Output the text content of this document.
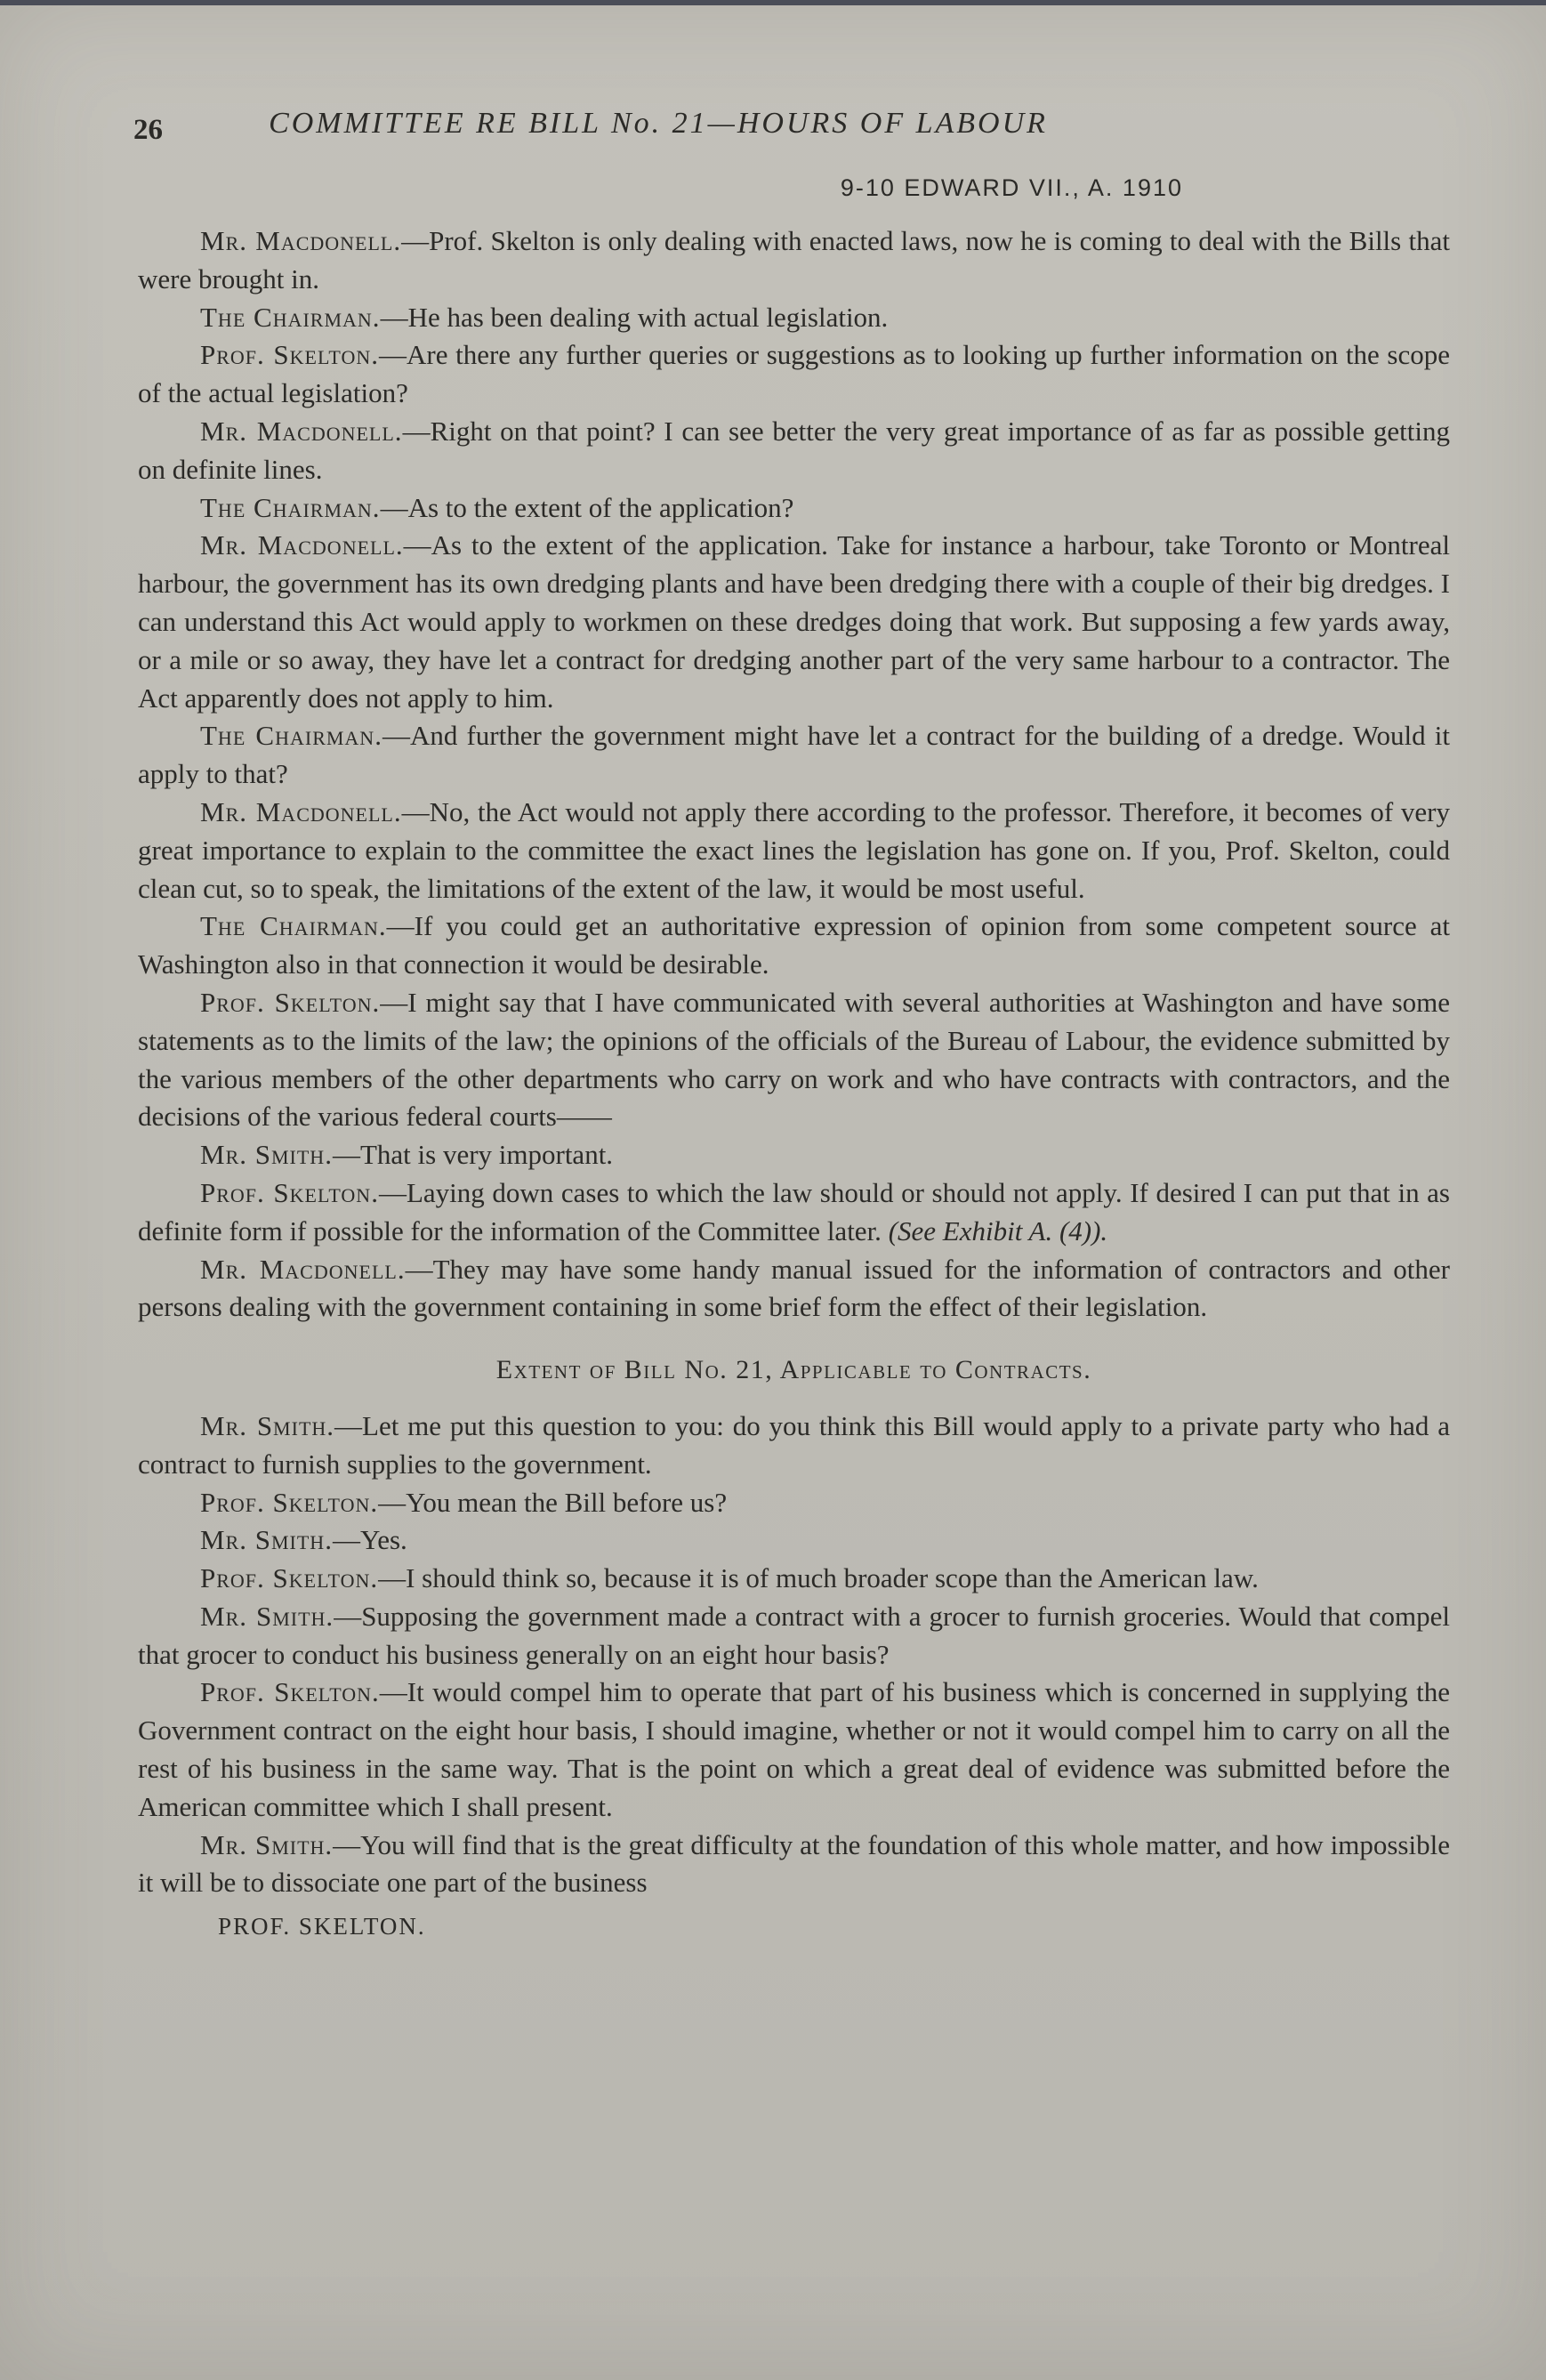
26	COMMITTEE RE BILL No. 21—HOURS OF LABOUR
9-10 EDWARD VII., A. 1910

Mr. Macdonell.—Prof. Skelton is only dealing with enacted laws, now he is coming to deal with the Bills that were brought in.

The Chairman.—He has been dealing with actual legislation.

Prof. Skelton.—Are there any further queries or suggestions as to looking up further information on the scope of the actual legislation?

Mr. Macdonell.—Right on that point? I can see better the very great importance of as far as possible getting on definite lines.

The Chairman.—As to the extent of the application?

Mr. Macdonell.—As to the extent of the application. Take for instance a harbour, take Toronto or Montreal harbour, the government has its own dredging plants and have been dredging there with a couple of their big dredges. I can understand this Act would apply to workmen on these dredges doing that work. But supposing a few yards away, or a mile or so away, they have let a contract for dredging another part of the very same harbour to a contractor. The Act apparently does not apply to him.

The Chairman.—And further the government might have let a contract for the building of a dredge. Would it apply to that?

Mr. Macdonell.—No, the Act would not apply there according to the professor. Therefore, it becomes of very great importance to explain to the committee the exact lines the legislation has gone on. If you, Prof. Skelton, could clean cut, so to speak, the limitations of the extent of the law, it would be most useful.

The Chairman.—If you could get an authoritative expression of opinion from some competent source at Washington also in that connection it would be desirable.

Prof. Skelton.—I might say that I have communicated with several authorities at Washington and have some statements as to the limits of the law; the opinions of the officials of the Bureau of Labour, the evidence submitted by the various members of the other departments who carry on work and who have contracts with contractors, and the decisions of the various federal courts——

Mr. Smith.—That is very important.

Prof. Skelton.—Laying down cases to which the law should or should not apply. If desired I can put that in as definite form if possible for the information of the Committee later. (See Exhibit A. (4)).

Mr. Macdonell.—They may have some handy manual issued for the information of contractors and other persons dealing with the government containing in some brief form the effect of their legislation.

Extent of Bill No. 21, Applicable to Contracts.

Mr. Smith.—Let me put this question to you: do you think this Bill would apply to a private party who had a contract to furnish supplies to the government.

Prof. Skelton.—You mean the Bill before us?

Mr. Smith.—Yes.

Prof. Skelton.—I should think so, because it is of much broader scope than the American law.

Mr. Smith.—Supposing the government made a contract with a grocer to furnish groceries. Would that compel that grocer to conduct his business generally on an eight hour basis?

Prof. Skelton.—It would compel him to operate that part of his business which is concerned in supplying the Government contract on the eight hour basis, I should imagine, whether or not it would compel him to carry on all the rest of his business in the same way. That is the point on which a great deal of evidence was submitted before the American committee which I shall present.

Mr. Smith.—You will find that is the great difficulty at the foundation of this whole matter, and how impossible it will be to dissociate one part of the business

PROF. SKELTON.
